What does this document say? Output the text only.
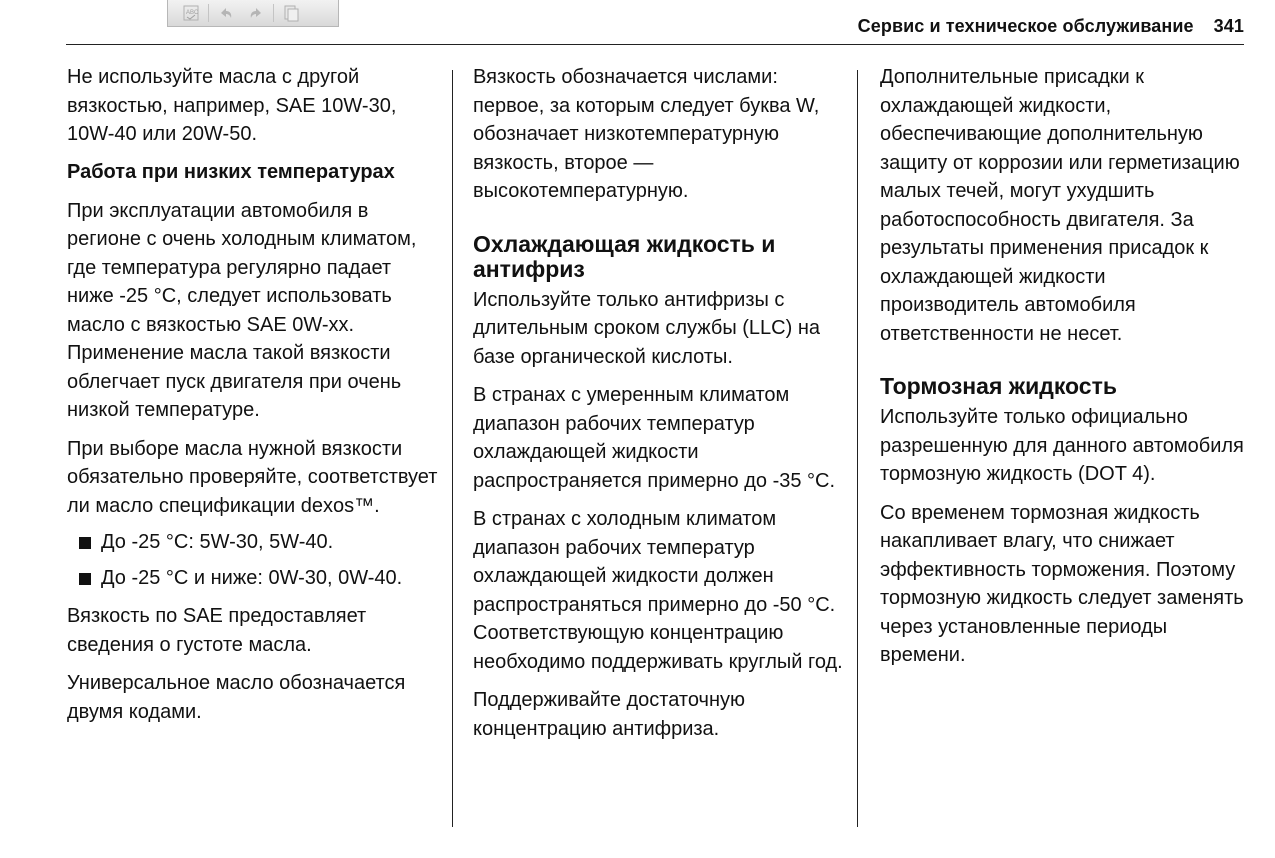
ABC
Сервис и техническое обслуживание 341

Не используйте масла с другой вязкостью, например, SAE 10W-30, 10W-40 или 20W-50.

Работа при низких температурах

При эксплуатации автомобиля в регионе с очень холодным климатом, где температура регулярно падает ниже -25 °C, следует использовать масло с вязкостью SAE 0W-xx. Применение масла такой вязкости облегчает пуск двигателя при очень низкой температуре.

При выборе масла нужной вязкости обязательно проверяйте, соответствует ли масло спецификации dexos™.

До -25 °C: 5W-30, 5W-40.
До -25 °C и ниже: 0W-30, 0W-40.

Вязкость по SAE предоставляет сведения о густоте масла.

Универсальное масло обозначается двумя кодами.

Вязкость обозначается числами: первое, за которым следует буква W, обозначает низкотемпературную вязкость, второе — высокотемпературную.

Охлаждающая жидкость и антифриз

Используйте только антифризы с длительным сроком службы (LLC) на базе органической кислоты.

В странах с умеренным климатом диапазон рабочих температур охлаждающей жидкости распространяется примерно до -35 °C.

В странах с холодным климатом диапазон рабочих температур охлаждающей жидкости должен распространяться примерно до -50 °C. Соответствующую концентрацию необходимо поддерживать круглый год.

Поддерживайте достаточную концентрацию антифриза.

Дополнительные присадки к охлаждающей жидкости, обеспечивающие дополнительную защиту от коррозии или герметизацию малых течей, могут ухудшить работоспособность двигателя. За результаты применения присадок к охлаждающей жидкости производитель автомобиля ответственности не несет.

Тормозная жидкость

Используйте только официально разрешенную для данного автомобиля тормозную жидкость (DOT 4).

Со временем тормозная жидкость накапливает влагу, что снижает эффективность торможения. Поэтому тормозную жидкость следует заменять через установленные периоды времени.
